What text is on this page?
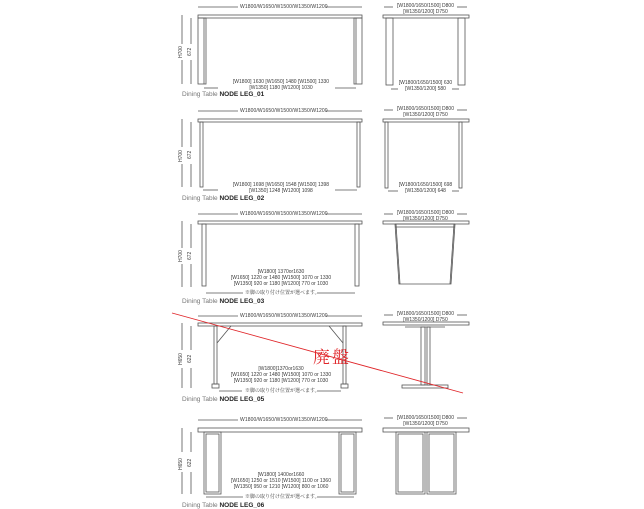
W1800/W1650/W1500/W1350/W1200
H700 672
[W1800] 1630 [W1650] 1480 [W1500] 1330
[W1350] 1180 [W1200] 1030
Dining Table NODE LEG_01
[W1800/1650/1500] D800
[W1350/1200] D750
[W1800/1650/1500] 630
[W1350/1200] 580
W1800/W1650/W1500/W1350/W1200
H700 672
[W1800] 1698 [W1650] 1548 [W1500] 1398
[W1350] 1248 [W1200] 1098
Dining Table NODE LEG_02
[W1800/1650/1500] D800
[W1350/1200] D750
[W1800/1650/1500] 698
[W1350/1200] 648
W1800/W1650/W1500/W1350/W1200
H700 672
[W1800] 1370or1630
[W1650] 1220 or 1480 [W1500] 1070 or 1330
[W1350] 920 or 1180 [W1200] 770 or 1030
※脚の取り付け位置が選べます。
Dining Table NODE LEG_03
[W1800/1650/1500] D800
[W1350/1200] D750
W1800/W1650/W1500/W1350/W1200
H650 622
[W1800]1370or1630
[W1650] 1220 or 1480 [W1500] 1070 or 1330
[W1350] 920 or 1180 [W1200] 770 or 1030
※脚の取り付け位置が選べます。
Dining Table NODE LEG_05
[W1800/1650/1500] D800
[W1350/1200] D750
廃盤
W1800/W1650/W1500/W1350/W1200
H650 622
[W1800] 1400or1660
[W1650] 1250 or 1510 [W1500] 1100 or 1360
[W1350] 950 or 1210 [W1200] 800 or 1060
※脚の取り付け位置が選べます。
Dining Table NODE LEG_06
[W1800/1650/1500] D800
[W1350/1200] D750
